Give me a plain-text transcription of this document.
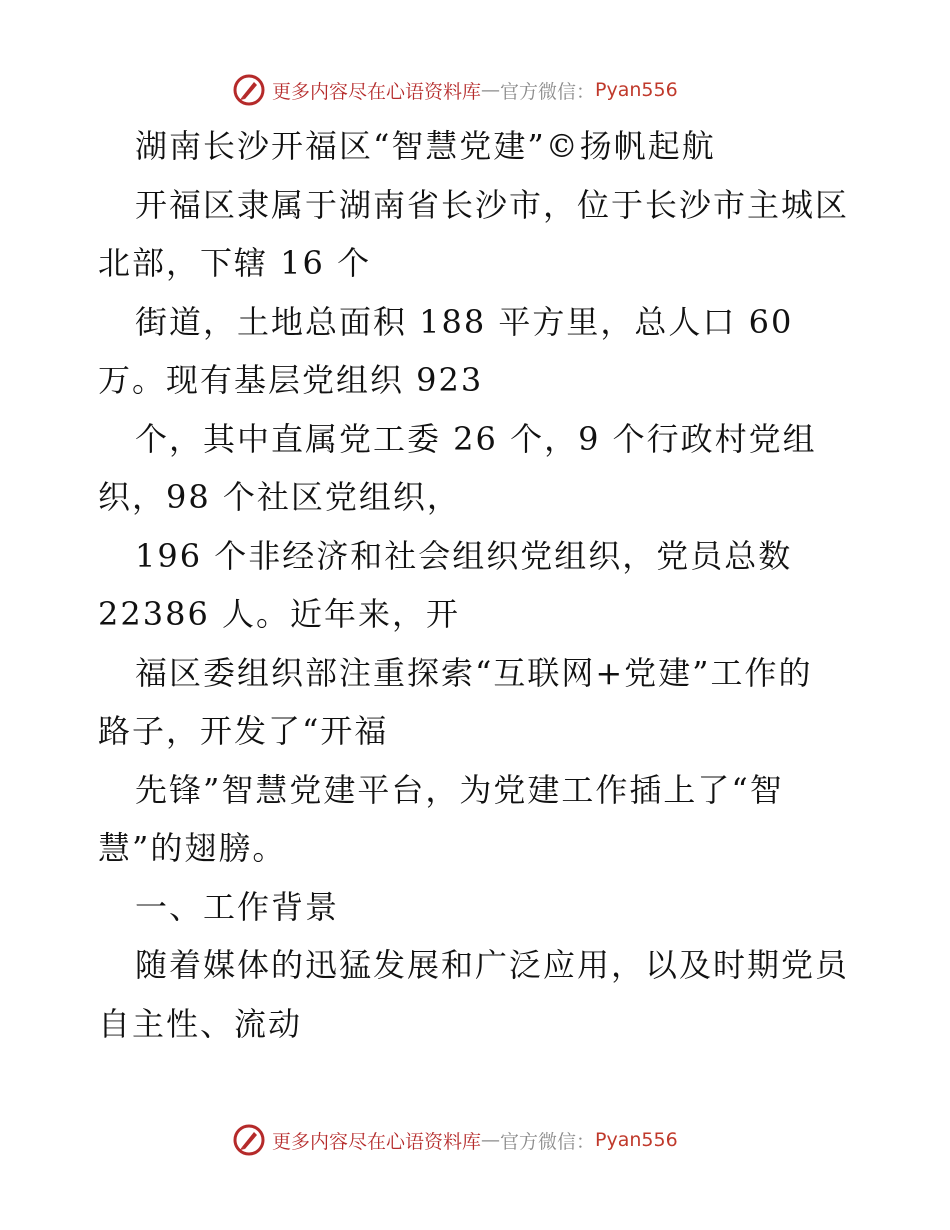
更多内容尽在心语资料库 — 官方微信： Pyan556
湖南长沙开福区“智慧党建”©扬帆起航
开福区隶属于湖南省长沙市，位于长沙市主城区
北部，下辖 16 个
街道，土地总面积 188 平方里，总人口 60
万。现有基层党组织 923
个，其中直属党工委 26 个，9 个行政村党组
织，98 个社区党组织，
196 个非经济和社会组织党组织，党员总数
22386 人。近年来，开
福区委组织部注重探索“互联网+党建”工作的
路子，开发了“开福
先锋”智慧党建平台，为党建工作插上了“智
慧”的翅膀。
一、工作背景
随着媒体的迅猛发展和广泛应用，以及时期党员
自主性、流动
更多内容尽在心语资料库 — 官方微信： Pyan556
